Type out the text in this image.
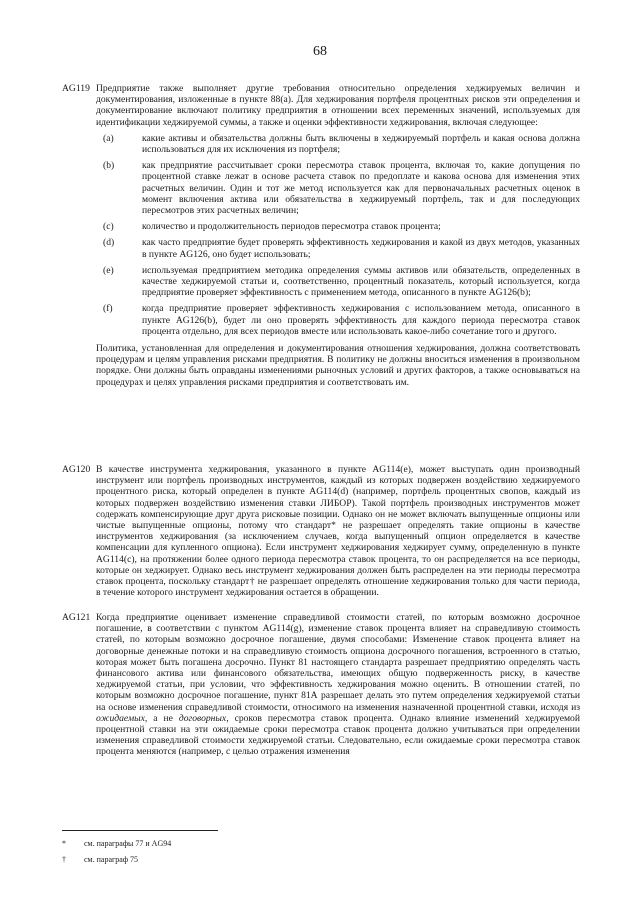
68
AG119 Предприятие также выполняет другие требования относительно определения хеджируемых величин и документирования, изложенные в пункте 88(a). Для хеджирования портфеля процентных рисков эти определения и документирование включают политику предприятия в отношении всех переменных значений, используемых для идентификации хеджируемой суммы, а также и оценки эффективности хеджирования, включая следующее:
(a)	какие активы и обязательства должны быть включены в хеджируемый портфель и какая основа должна использоваться для их исключения из портфеля;
(b)	как предприятие рассчитывает сроки пересмотра ставок процента, включая то, какие допущения по процентной ставке лежат в основе расчета ставок по предоплате и какова основа для изменения этих расчетных величин. Один и тот же метод используется как для первоначальных расчетных оценок в момент включения актива или обязательства в хеджируемый портфель, так и для последующих пересмотров этих расчетных величин;
(c)	количество и продолжительность периодов пересмотра ставок процента;
(d)	как часто предприятие будет проверять эффективность хеджирования и какой из двух методов, указанных в пункте AG126, оно будет использовать;
(e)	используемая предприятием методика определения суммы активов или обязательств, определенных в качестве хеджируемой статьи и, соответственно, процентный показатель, который используется, когда предприятие проверяет эффективность с применением метода, описанного в пункте AG126(b);
(f)	когда предприятие проверяет эффективность хеджирования с использованием метода, описанного в пункте AG126(b), будет ли оно проверять эффективность для каждого периода пересмотра ставок процента отдельно, для всех периодов вместе или использовать какое-либо сочетание того и другого.
Политика, установленная для определения и документирования отношения хеджирования, должна соответствовать процедурам и целям управления рисками предприятия. В политику не должны вноситься изменения в произвольном порядке. Они должны быть оправданы изменениями рыночных условий и других факторов, а также основываться на процедурах и целях управления рисками предприятия и соответствовать им.
AG120 В качестве инструмента хеджирования, указанного в пункте AG114(e), может выступать один производный инструмент или портфель производных инструментов, каждый из которых подвержен воздействию хеджируемого процентного риска, который определен в пункте AG114(d) (например, портфель процентных свопов, каждый из которых подвержен воздействию изменения ставки ЛИБОР). Такой портфель производных инструментов может содержать компенсирующие друг друга рисковые позиции. Однако он не может включать выпущенные опционы или чистые выпущенные опционы, потому что стандарт* не разрешает определять такие опционы в качестве инструментов хеджирования (за исключением случаев, когда выпущенный опцион определяется в качестве компенсации для купленного опциона). Если инструмент хеджирования хеджирует сумму, определенную в пункте AG114(c), на протяжении более одного периода пересмотра ставок процента, то он распределяется на все периоды, которые он хеджирует. Однако весь инструмент хеджирования должен быть распределен на эти периоды пересмотра ставок процента, поскольку стандарт† не разрешает определять отношение хеджирования только для части периода, в течение которого инструмент хеджирования остается в обращении.
AG121 Когда предприятие оценивает изменение справедливой стоимости статей, по которым возможно досрочное погашение, в соответствии с пунктом AG114(g), изменение ставок процента влияет на справедливую стоимость статей, по которым возможно досрочное погашение, двумя способами: Изменение ставок процента влияет на договорные денежные потоки и на справедливую стоимость опциона досрочного погашения, встроенного в статью, которая может быть погашена досрочно. Пункт 81 настоящего стандарта разрешает предприятию определять часть финансового актива или финансового обязательства, имеющих общую подверженность риску, в качестве хеджируемой статьи, при условии, что эффективность хеджирования можно оценить. В отношении статей, по которым возможно досрочное погашение, пункт 81А разрешает делать это путем определения хеджируемой статьи на основе изменения справедливой стоимости, относимого на изменения назначенной процентной ставки, исходя из ожидаемых, а не договорных, сроков пересмотра ставок процента. Однако влияние изменений хеджируемой процентной ставки на эти ожидаемые сроки пересмотра ставок процента должно учитываться при определении изменения справедливой стоимости хеджируемой статьи. Следовательно, если ожидаемые сроки пересмотра ставок процента меняются (например, с целью отражения изменения
* см. параграфы 77 и AG94
† см. параграф 75
